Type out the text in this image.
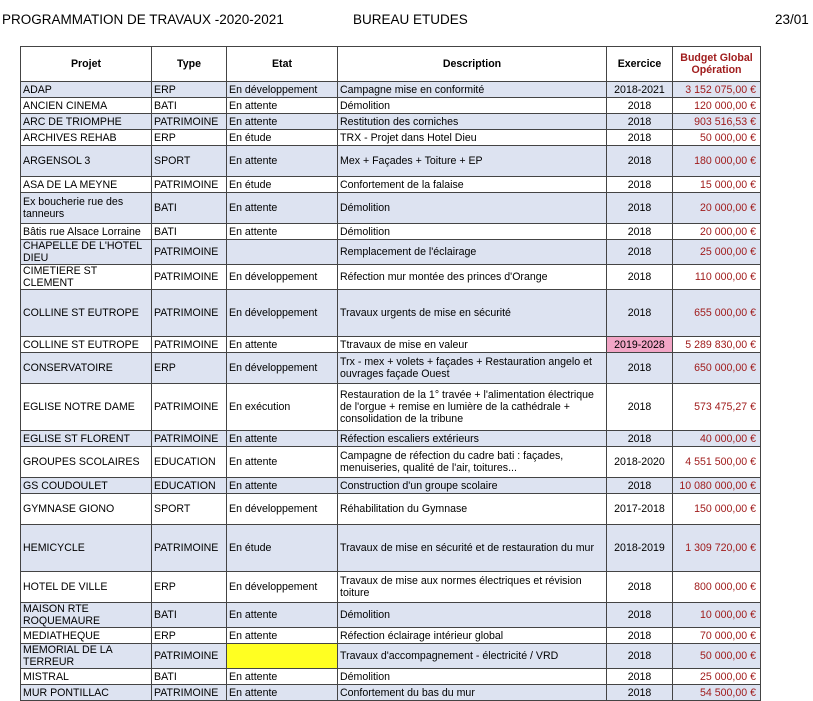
PROGRAMMATION DE TRAVAUX -2020-2021	BUREAU ETUDES	23/01
Projet	Type	Etat	Description	Exercice	Budget Global Opération
ADAP	ERP	En développement	Campagne mise en conformité	2018-2021	3 152 075,00 €
ANCIEN CINEMA	BATI	En attente	Démolition	2018	120 000,00 €
ARC DE TRIOMPHE	PATRIMOINE	En attente	Restitution des corniches	2018	903 516,53 €
ARCHIVES REHAB	ERP	En étude	TRX - Projet dans Hotel Dieu	2018	50 000,00 €
ARGENSOL 3	SPORT	En attente	Mex + Façades + Toiture + EP	2018	180 000,00 €
ASA DE LA MEYNE	PATRIMOINE	En étude	Confortement de la falaise	2018	15 000,00 €
Ex boucherie rue des tanneurs	BATI	En attente	Démolition	2018	20 000,00 €
Bâtis rue Alsace Lorraine	BATI	En attente	Démolition	2018	20 000,00 €
CHAPELLE DE L'HOTEL DIEU	PATRIMOINE		Remplacement de l'éclairage	2018	25 000,00 €
CIMETIERE ST CLEMENT	PATRIMOINE	En développement	Réfection mur montée des princes d'Orange	2018	110 000,00 €
COLLINE ST EUTROPE	PATRIMOINE	En développement	Travaux urgents de mise en sécurité	2018	655 000,00 €
COLLINE ST EUTROPE	PATRIMOINE	En attente	Ttravaux de mise en valeur	2019-2028	5 289 830,00 €
CONSERVATOIRE	ERP	En développement	Trx - mex + volets + façades + Restauration angelo et ouvrages façade Ouest	2018	650 000,00 €
EGLISE NOTRE DAME	PATRIMOINE	En exécution	Restauration de la 1° travée + l'alimentation électrique de l'orgue + remise en lumière de la cathédrale + consolidation de la tribune	2018	573 475,27 €
EGLISE ST FLORENT	PATRIMOINE	En attente	Réfection escaliers extérieurs	2018	40 000,00 €
GROUPES SCOLAIRES	EDUCATION	En attente	Campagne de réfection du cadre bati : façades, menuiseries, qualité de l'air, toitures...	2018-2020	4 551 500,00 €
GS COUDOULET	EDUCATION	En attente	Construction d'un groupe scolaire	2018	10 080 000,00 €
GYMNASE GIONO	SPORT	En développement	Réhabilitation du Gymnase	2017-2018	150 000,00 €
HEMICYCLE	PATRIMOINE	En étude	Travaux de mise en sécurité et de restauration du mur	2018-2019	1 309 720,00 €
HOTEL DE VILLE	ERP	En développement	Travaux de mise aux normes électriques et révision toiture	2018	800 000,00 €
MAISON RTE ROQUEMAURE	BATI	En attente	Démolition	2018	10 000,00 €
MEDIATHEQUE	ERP	En attente	Réfection éclairage intérieur global	2018	70 000,00 €
MEMORIAL DE LA TERREUR	PATRIMOINE		Travaux d'accompagnement - électricité / VRD	2018	50 000,00 €
MISTRAL	BATI	En attente	Démolition	2018	25 000,00 €
MUR PONTILLAC	PATRIMOINE	En attente	Confortement du bas du mur	2018	54 500,00 €
